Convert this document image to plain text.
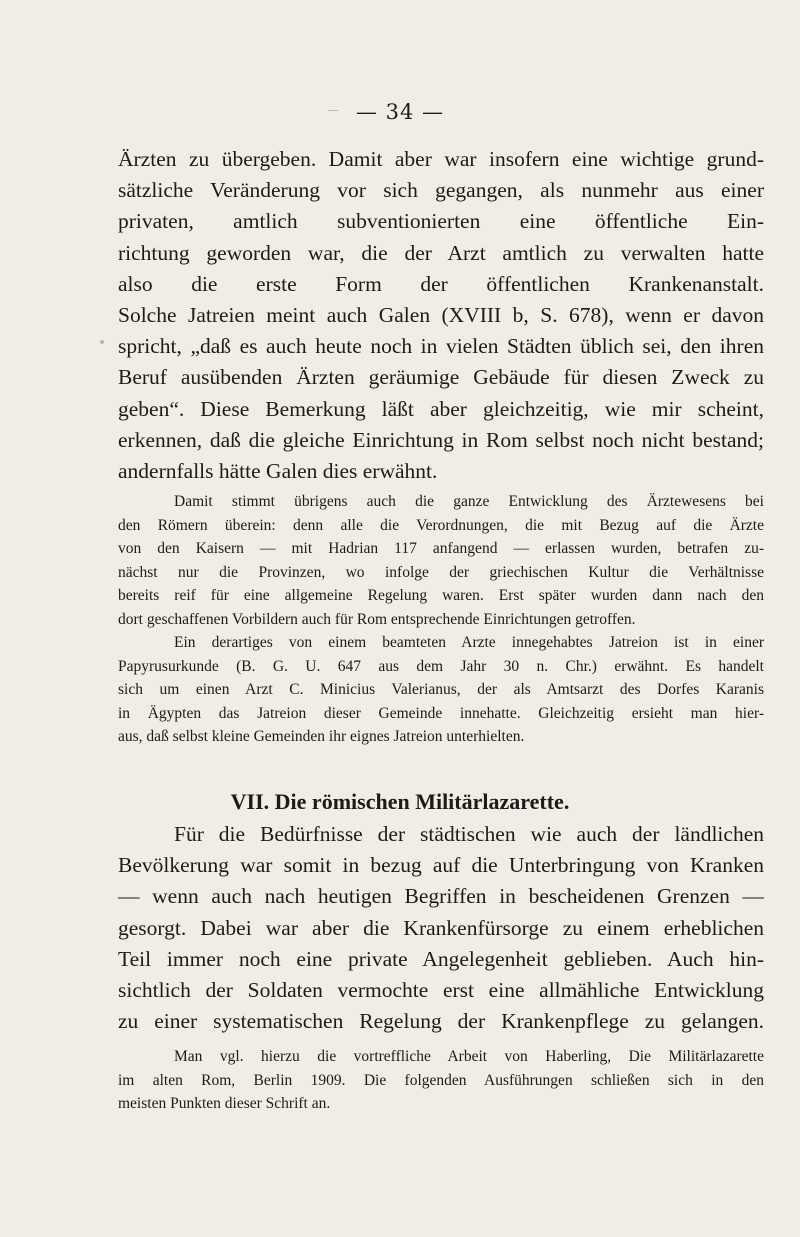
— 34 —
Ärzten zu übergeben. Damit aber war insofern eine wichtige grund-
sätzliche Veränderung vor sich gegangen, als nunmehr aus einer
privaten, amtlich subventionierten eine öffentliche Ein-
richtung geworden war, die der Arzt amtlich zu verwalten hatte
also die erste Form der öffentlichen Krankenanstalt.
Solche Jatreien meint auch Galen (XVIII b, S. 678), wenn er davon
spricht, „daß es auch heute noch in vielen Städten üblich sei, den ihren
Beruf ausübenden Ärzten geräumige Gebäude für diesen Zweck zu
geben“. Diese Bemerkung läßt aber gleichzeitig, wie mir scheint,
erkennen, daß die gleiche Einrichtung in Rom selbst noch nicht bestand;
andernfalls hätte Galen dies erwähnt.
Damit stimmt übrigens auch die ganze Entwicklung des Ärztewesens bei
den Römern überein: denn alle die Verordnungen, die mit Bezug auf die Ärzte
von den Kaisern — mit Hadrian 117 anfangend — erlassen wurden, betrafen zu-
nächst nur die Provinzen, wo infolge der griechischen Kultur die Verhältnisse
bereits reif für eine allgemeine Regelung waren. Erst später wurden dann nach den
dort geschaffenen Vorbildern auch für Rom entsprechende Einrichtungen getroffen.
Ein derartiges von einem beamteten Arzte innegehabtes Jatreion ist in einer
Papyrusurkunde (B. G. U. 647 aus dem Jahr 30 n. Chr.) erwähnt. Es handelt
sich um einen Arzt C. Minicius Valerianus, der als Amtsarzt des Dorfes Karanis
in Ägypten das Jatreion dieser Gemeinde innehatte. Gleichzeitig ersieht man hier-
aus, daß selbst kleine Gemeinden ihr eignes Jatreion unterhielten.
VII. Die römischen Militärlazarette.
Für die Bedürfnisse der städtischen wie auch der ländlichen
Bevölkerung war somit in bezug auf die Unterbringung von Kranken
— wenn auch nach heutigen Begriffen in bescheidenen Grenzen —
gesorgt. Dabei war aber die Krankenfürsorge zu einem erheblichen
Teil immer noch eine private Angelegenheit geblieben. Auch hin-
sichtlich der Soldaten vermochte erst eine allmähliche Entwicklung
zu einer systematischen Regelung der Krankenpflege zu gelangen.
Man vgl. hierzu die vortreffliche Arbeit von Haberling, Die Militärlazarette
im alten Rom, Berlin 1909. Die folgenden Ausführungen schließen sich in den
meisten Punkten dieser Schrift an.
